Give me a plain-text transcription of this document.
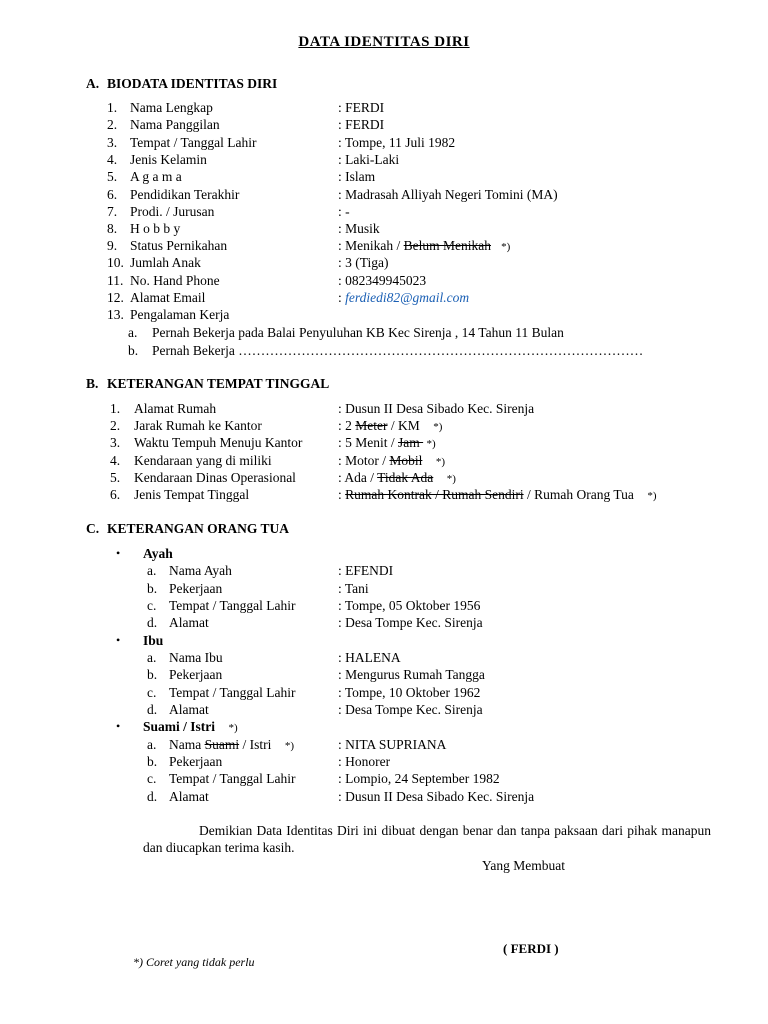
DATA IDENTITAS DIRI
A. BIODATA IDENTITAS DIRI
1. Nama Lengkap	: FERDI
2. Nama Panggilan	: FERDI
3. Tempat / Tanggal Lahir	: Tompe, 11 Juli 1982
4. Jenis Kelamin	: Laki-Laki
5. A g a m a	: Islam
6. Pendidikan Terakhir	: Madrasah Alliyah Negeri Tomini (MA)
7. Prodi. / Jurusan	: -
8. H o b b y	: Musik
9. Status Pernikahan	: Menikah / Belum Menikah *)
10. Jumlah Anak	: 3 (Tiga)
11. No. Hand Phone	: 082349945023
12. Alamat Email	: ferdiedi82@gmail.com
13. Pengalaman Kerja
a. Pernah Bekerja pada Balai Penyuluhan KB Kec Sirenja , 14 Tahun 11 Bulan
b. Pernah Bekerja ………………………………………………………………………………
B. KETERANGAN TEMPAT TINGGAL
1. Alamat Rumah	: Dusun II Desa Sibado Kec. Sirenja
2. Jarak Rumah ke Kantor	: 2 Meter / KM *)
3. Waktu Tempuh Menuju Kantor	: 5 Menit / Jam  *)
4. Kendaraan yang di miliki	: Motor / Mobil *)
5. Kendaraan Dinas Operasional	: Ada / Tidak Ada *)
6. Jenis Tempat Tinggal	: Rumah Kontrak / Rumah Sendiri / Rumah Orang Tua *)
C. KETERANGAN ORANG TUA
• Ayah
a. Nama Ayah	: EFENDI
b. Pekerjaan	: Tani
c. Tempat / Tanggal Lahir	: Tompe, 05 Oktober 1956
d. Alamat	: Desa Tompe Kec. Sirenja
• Ibu
a. Nama Ibu	: HALENA
b. Pekerjaan	: Mengurus Rumah Tangga
c. Tempat / Tanggal Lahir	: Tompe, 10 Oktober 1962
d. Alamat	: Desa Tompe Kec. Sirenja
• Suami / Istri *)
a. Nama Suami / Istri *)	: NITA SUPRIANA
b. Pekerjaan	: Honorer
c. Tempat / Tanggal Lahir	: Lompio, 24 September 1982
d. Alamat	: Dusun II Desa Sibado Kec. Sirenja
Demikian Data Identitas Diri ini dibuat dengan benar dan tanpa paksaan dari pihak manapun dan diucapkan terima kasih.
Yang Membuat
( FERDI )
*) Coret yang tidak perlu
